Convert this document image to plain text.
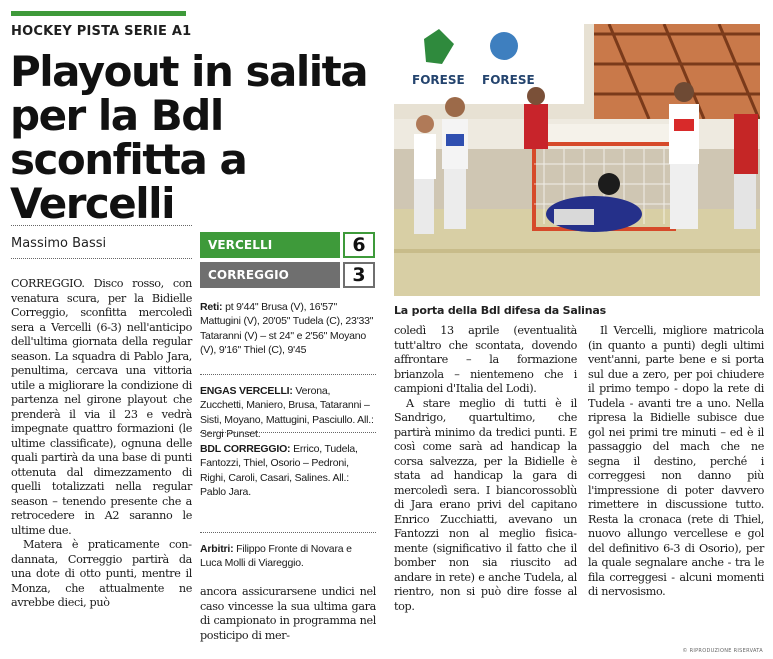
HOCKEY PISTA SERIE A1
Playout in salita
per la Bdl
sconfitta a Vercelli
FORESE FORESE
La porta della Bdl difesa da Salinas
Massimo Bassi	VERCELLI	6
CORREGGIO	3
Reti: pt 9'44" Brusa (V), 16'57" Mattugini (V), 20'05" Tudela (C), 23'33" Tataranni (V) – st 24" e 2'56" Moyano (V), 9'16" Thiel (C), 9'45
ENGAS VERCELLI: Verona, Zucchetti, Maniero, Brusa, Tataranni – Sisti, Moyano, Mattugini, Pasciullo. All.: Sergi Punset.
BDL CORREGGIO: Errico, Tudela, Fantozzi, Thiel, Osorio – Pedroni, Righi, Caroli, Casari, Salines. All.: Pablo Jara.
Arbitri: Filippo Fronte di Novara e Luca Molli di Viareggio.

CORREGGIO. Disco rosso, con venatura scura, per la Bidielle Correggio, sconfitta mercoledì sera a Vercelli (6-3) nell'anticipo dell'ultima giornata della regular season. La squadra di Pablo Jara, penultima, cercava una vittoria utile a migliorare la condizione di partenza nel girone playout che prenderà il via il 23 e vedrà impegnate quattro formazioni (le ultime classificate), ognuna delle quali partirà da una base di punti ottenuta dal dimezzamento di quelli totalizzati nella regular season – tenendo presente che a retrocedere in A2 saranno le ultime due.

Matera è praticamente condannata, Correggio partirà da una dote di otto punti, mentre il Monza, che attualmente ne avrebbe dieci, può

ancora assicurarsene undici nel caso vincesse la sua ultima gara di campionato in programma nel posticipo di mer-

coledì 13 aprile (eventualità tutt'altro che scontata, dovendo affrontare – la formazione brianzola – nientemeno che i campioni d'Italia del Lodi).

A stare meglio di tutti è il Sandrigo, quartultimo, che partirà minimo da tredici punti. E così come sarà ad handicap la corsa salvezza, per la Bidielle è stata ad handicap la gara di mercoledì sera. I biancorossoblù di Jara erano privi del capitano Enrico Zucchiatti, avevano un Fantozzi non al meglio fisicamente (significativo il fatto che il bomber non sia riuscito ad andare in rete) e anche Tudela, al rientro, non si può dire fosse al top.

Il Vercelli, migliore matricola (in quanto a punti) degli ultimi vent'anni, parte bene e si porta sul due a zero, per poi chiudere il primo tempo - dopo la rete di Tudela - avanti tre a uno. Nella ripresa la Bidielle subisce due gol nei primi tre minuti – ed è il passaggio del mach che ne segna il destino, perché i correggesi non danno più l'impressione di poter davvero rimettere in discussione tutto. Resta la cronaca (rete di Thiel, nuovo allungo vercellese e gol del definitivo 6-3 di Osorio), per la quale segnalare anche - tra le fila correggesi - alcuni momenti di nervosismo.

© RIPRODUZIONE RISERVATA
